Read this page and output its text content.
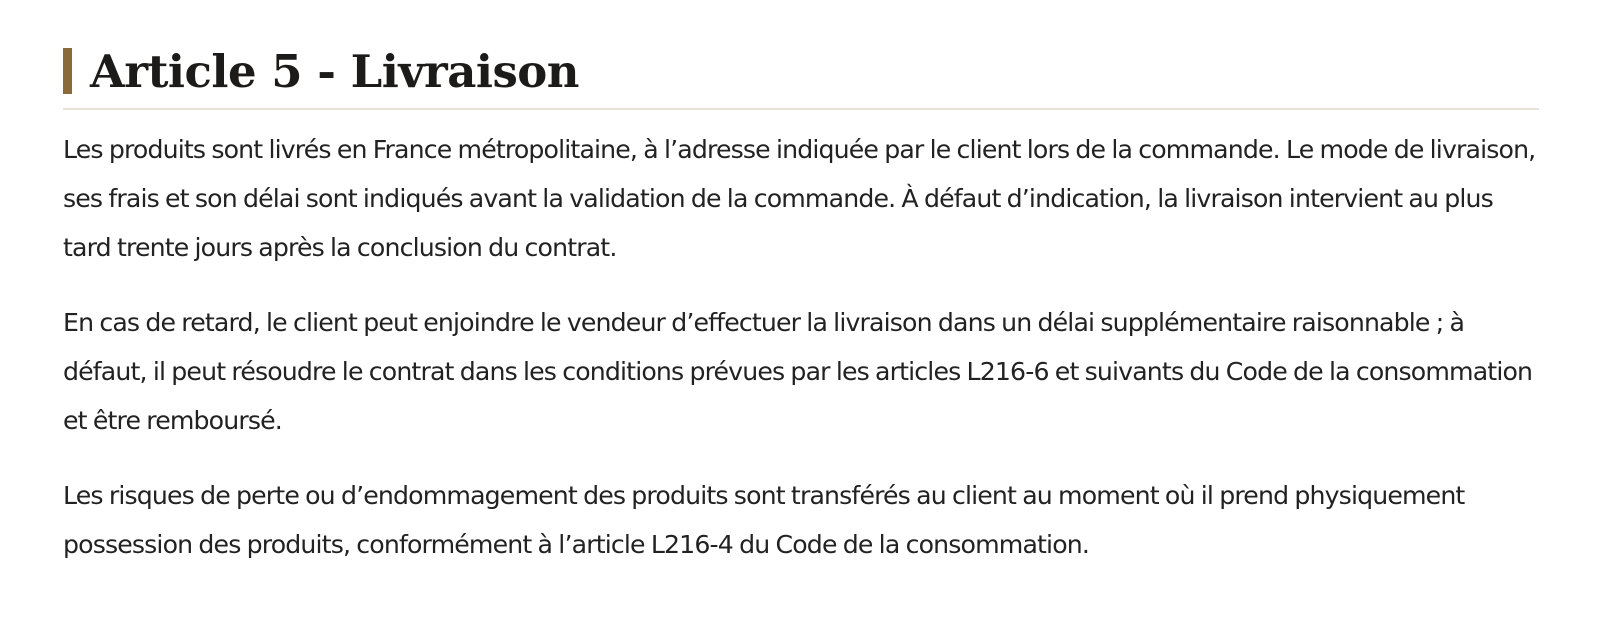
Article 5 - Livraison

Les produits sont livrés en France métropolitaine, à l’adresse indiquée par le client lors de la commande. Le mode de livraison, ses frais et son délai sont indiqués avant la validation de la commande. À défaut d’indication, la livraison intervient au plus tard trente jours après la conclusion du contrat.

En cas de retard, le client peut enjoindre le vendeur d’effectuer la livraison dans un délai supplémentaire raisonnable ; à défaut, il peut résoudre le contrat dans les conditions prévues par les articles L216-6 et suivants du Code de la consommation et être remboursé.

Les risques de perte ou d’endommagement des produits sont transférés au client au moment où il prend physiquement possession des produits, conformément à l’article L216-4 du Code de la consommation.
